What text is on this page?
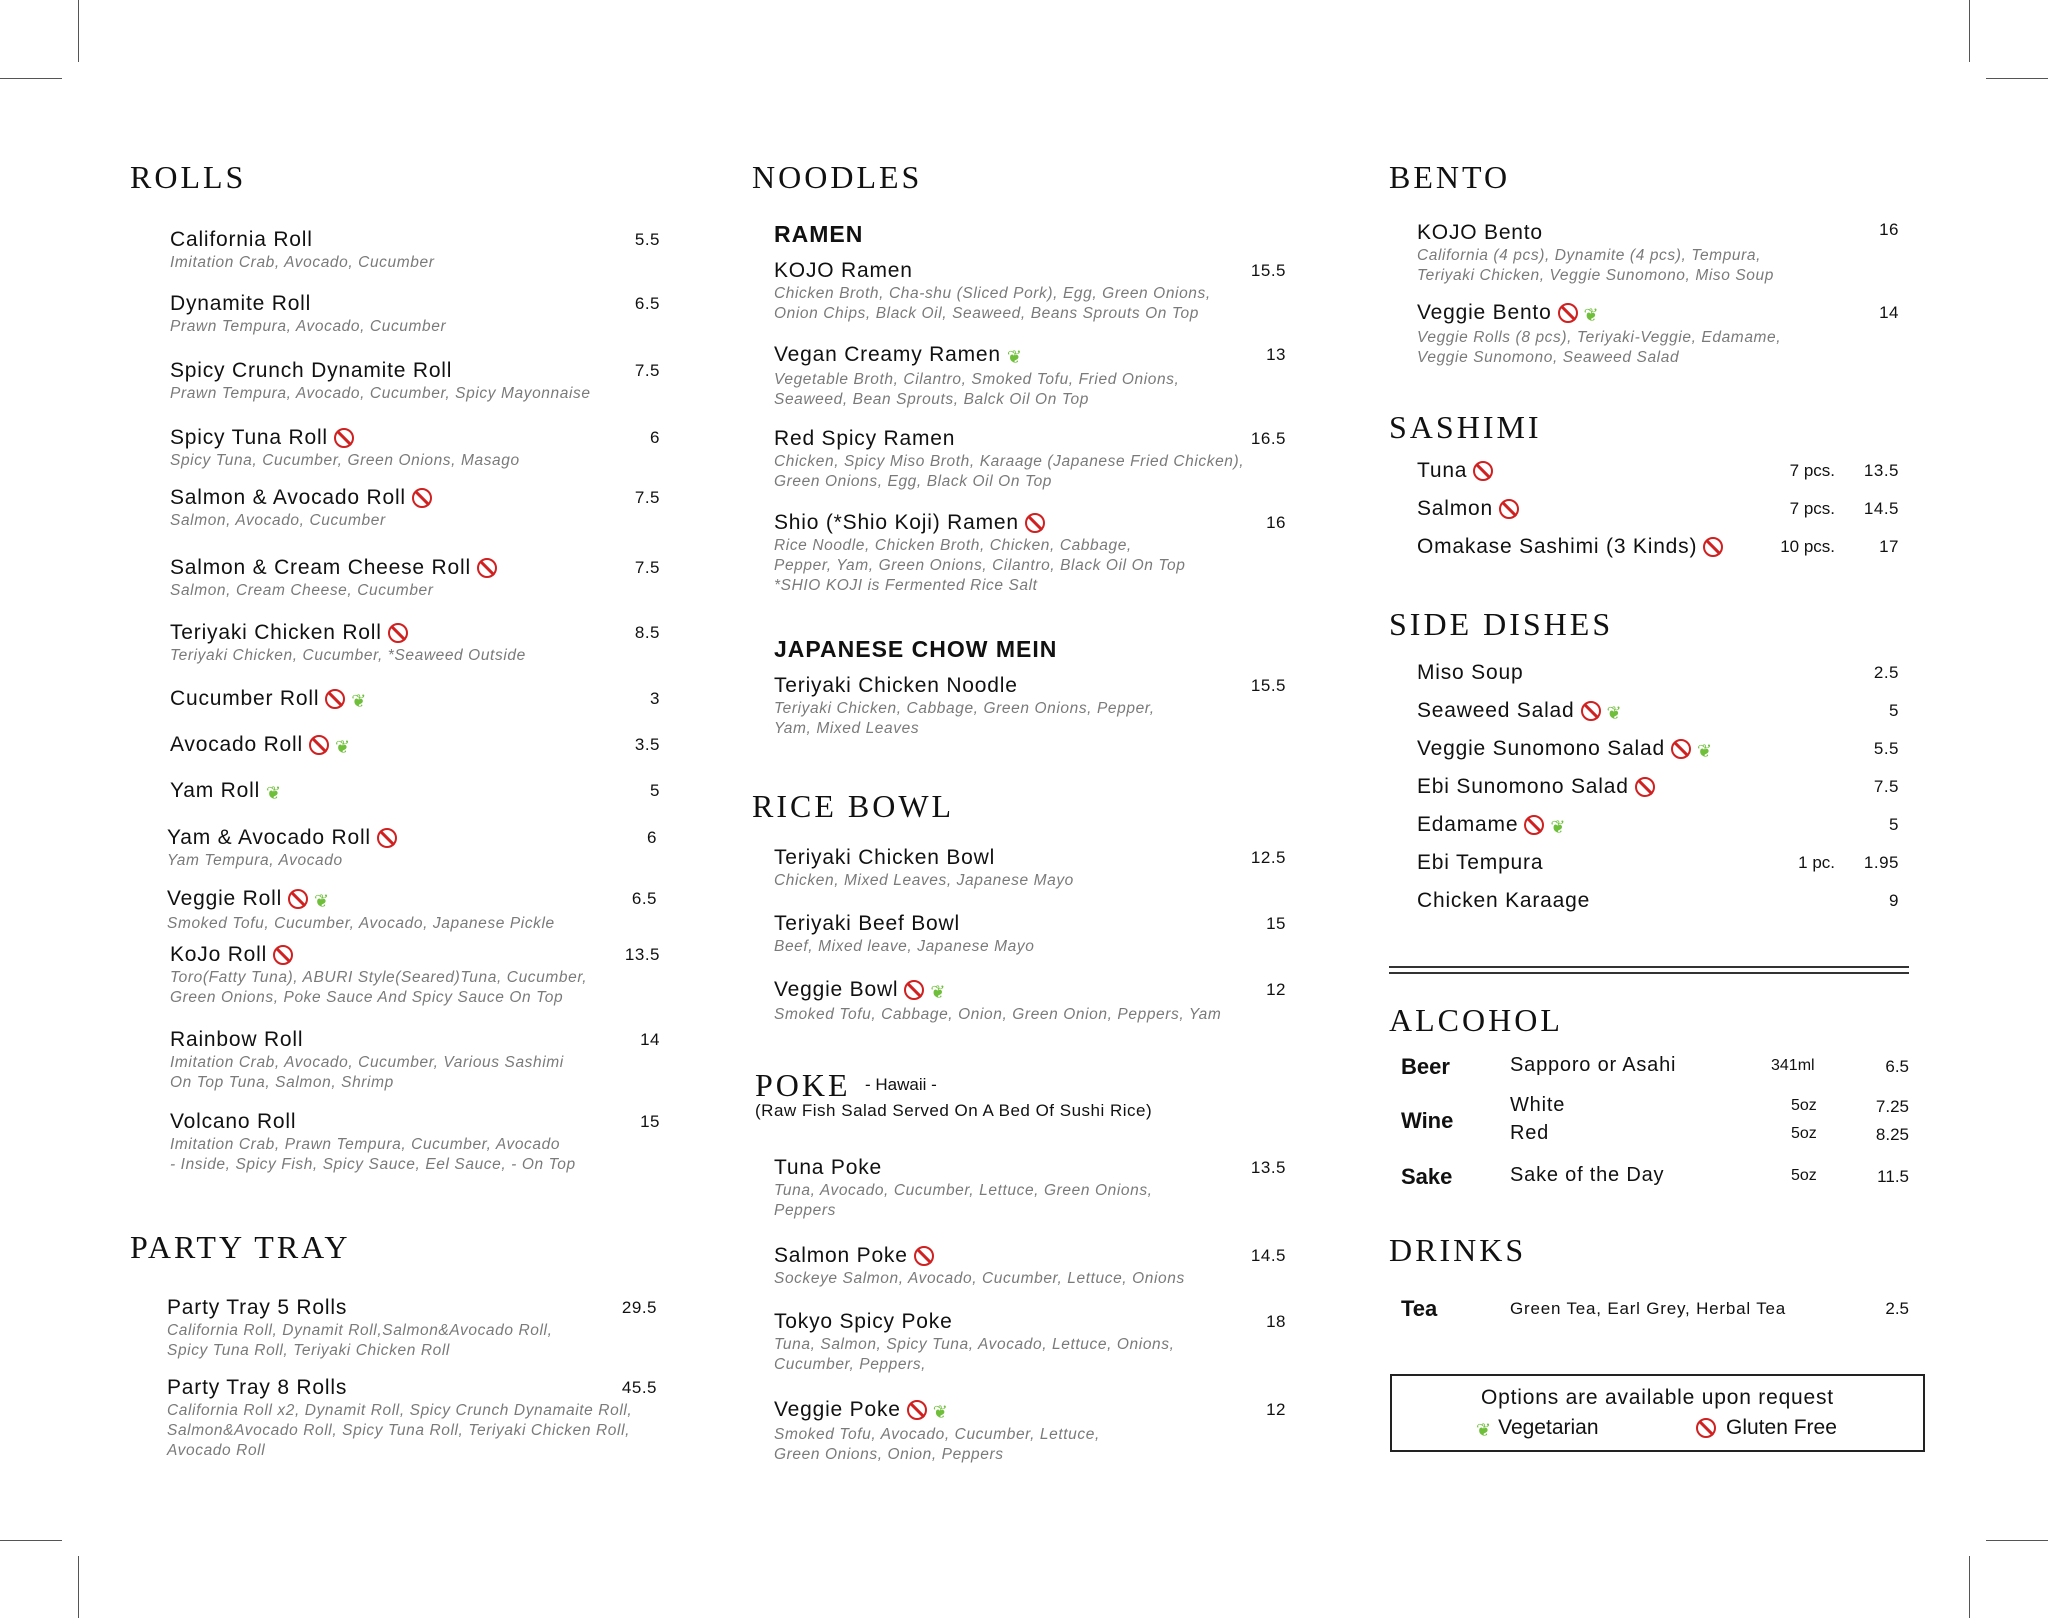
ROLLS
California Roll
Imitation Crab, Avocado, Cucumber
5.5
Dynamite Roll
Prawn Tempura, Avocado, Cucumber
6.5
Spicy Crunch Dynamite Roll
Prawn Tempura, Avocado, Cucumber, Spicy Mayonnaise
7.5
Spicy Tuna Roll
Spicy Tuna, Cucumber, Green Onions, Masago
6
Salmon & Avocado Roll
Salmon, Avocado, Cucumber
7.5
Salmon & Cream Cheese Roll
Salmon, Cream Cheese, Cucumber
7.5
Teriyaki Chicken Roll
Teriyaki Chicken, Cucumber, *Seaweed Outside
8.5
Cucumber Roll ❦	3
Avocado Roll ❦	3.5
Yam Roll ❦	5
Yam & Avocado Roll
Yam Tempura, Avocado
6
Veggie Roll ❦
Smoked Tofu, Cucumber, Avocado, Japanese Pickle
6.5
KoJo Roll
Toro(Fatty Tuna), ABURI Style(Seared)Tuna, Cucumber,
Green Onions, Poke Sauce And Spicy Sauce On Top
13.5
Rainbow Roll
Imitation Crab, Avocado, Cucumber, Various Sashimi
On Top Tuna, Salmon, Shrimp
14
Volcano Roll
Imitation Crab, Prawn Tempura, Cucumber, Avocado
- Inside, Spicy Fish, Spicy Sauce, Eel Sauce, - On Top
15
PARTY TRAY
Party Tray 5 Rolls
California Roll, Dynamit Roll,Salmon&Avocado Roll,
Spicy Tuna Roll, Teriyaki Chicken Roll
29.5
Party Tray 8 Rolls
California Roll x2, Dynamit Roll, Spicy Crunch Dynamaite Roll,
Salmon&Avocado Roll, Spicy Tuna Roll, Teriyaki Chicken Roll,
Avocado Roll
45.5
NOODLES
RAMEN
KOJO Ramen
Chicken Broth, Cha-shu (Sliced Pork), Egg, Green Onions,
Onion Chips, Black Oil, Seaweed, Beans Sprouts On Top
15.5
Vegan Creamy Ramen ❦
Vegetable Broth, Cilantro, Smoked Tofu, Fried Onions,
Seaweed, Bean Sprouts, Balck Oil On Top
13
Red Spicy Ramen
Chicken, Spicy Miso Broth, Karaage (Japanese Fried Chicken),
Green Onions, Egg, Black Oil On Top
16.5
Shio (*Shio Koji) Ramen
Rice Noodle, Chicken Broth, Chicken, Cabbage,
Pepper, Yam, Green Onions, Cilantro, Black Oil On Top
*SHIO KOJI is Fermented Rice Salt
16
JAPANESE CHOW MEIN
Teriyaki Chicken Noodle
Teriyaki Chicken, Cabbage, Green Onions, Pepper,
Yam, Mixed Leaves
15.5
RICE BOWL
Teriyaki Chicken Bowl
Chicken, Mixed Leaves, Japanese Mayo
12.5
Teriyaki Beef Bowl
Beef, Mixed leave, Japanese Mayo
15
Veggie Bowl ❦
Smoked Tofu, Cabbage, Onion, Green Onion, Peppers, Yam
12
POKE - Hawaii -
(Raw Fish Salad Served On A Bed Of Sushi Rice)
Tuna Poke
Tuna, Avocado, Cucumber, Lettuce, Green Onions,
Peppers
13.5
Salmon Poke
Sockeye Salmon, Avocado, Cucumber, Lettuce, Onions
14.5
Tokyo Spicy Poke
Tuna, Salmon, Spicy Tuna, Avocado, Lettuce, Onions,
Cucumber, Peppers,
18
Veggie Poke ❦
Smoked Tofu, Avocado, Cucumber, Lettuce,
Green Onions, Onion, Peppers
12
BENTO
KOJO Bento
California (4 pcs), Dynamite (4 pcs), Tempura,
Teriyaki Chicken, Veggie Sunomono, Miso Soup
16
Veggie Bento ❦
Veggie Rolls (8 pcs), Teriyaki-Veggie, Edamame,
Veggie Sunomono, Seaweed Salad
14
SASHIMI
Tuna	7 pcs. 13.5
Salmon	7 pcs. 14.5
Omakase Sashimi (3 Kinds)	10 pcs.	17
SIDE DISHES
Miso Soup	2.5
Seaweed Salad ❦	5
Veggie Sunomono Salad ❦	5.5
Ebi Sunomono Salad	7.5
Edamame ❦	5
Ebi Tempura	1 pc. 1.95
Chicken Karaage	9
ALCOHOL
Beer	Sapporo or Asahi	341ml	6.5
Wine
White	5oz	7.25
Red	5oz	8.25
Sake	Sake of the Day	5oz	11.5
DRINKS
Tea	Green Tea, Earl Grey, Herbal Tea	2.5
Options are available upon request
❦ Vegetarian	Gluten Free
